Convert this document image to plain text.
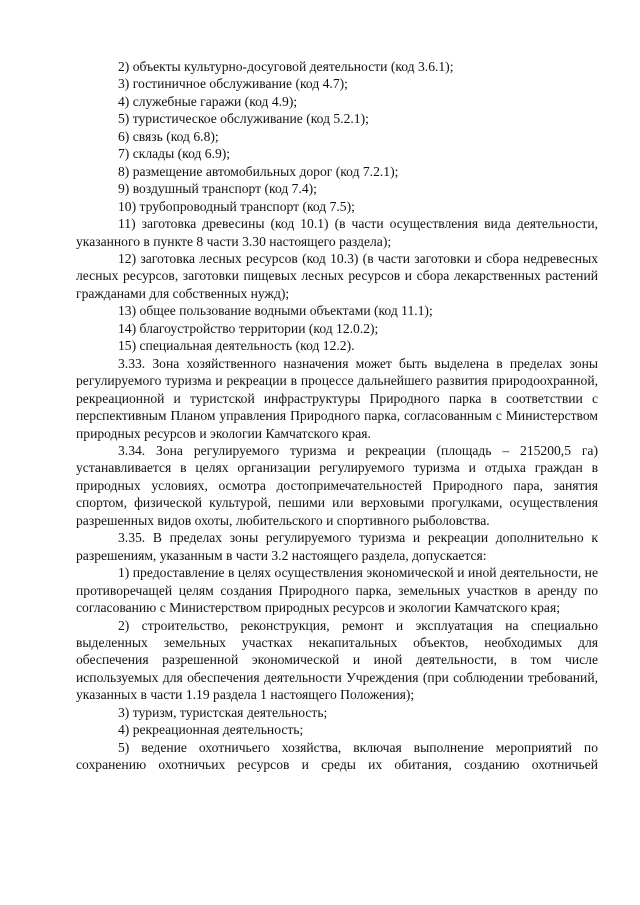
2) объекты культурно-досуговой деятельности (код 3.6.1);

3) гостиничное обслуживание (код 4.7);

4) служебные гаражи (код 4.9);

5) туристическое обслуживание (код 5.2.1);

6) связь (код 6.8);

7) склады (код 6.9);

8) размещение автомобильных дорог (код 7.2.1);

9) воздушный транспорт (код 7.4);

10) трубопроводный транспорт (код 7.5);

11) заготовка древесины (код 10.1) (в части осуществления вида деятельности, указанного в пункте 8 части 3.30 настоящего раздела);

12) заготовка лесных ресурсов (код 10.3) (в части заготовки и сбора недревесных лесных ресурсов, заготовки пищевых лесных ресурсов и сбора лекарственных растений гражданами для собственных нужд);

13) общее пользование водными объектами (код 11.1);

14) благоустройство территории (код 12.0.2);

15) специальная деятельность (код 12.2).

3.33. Зона хозяйственного назначения может быть выделена в пределах зоны регулируемого туризма и рекреации в процессе дальнейшего развития природоохранной, рекреационной и туристской инфраструктуры Природного парка в соответствии с перспективным Планом управления Природного парка, согласованным с Министерством природных ресурсов и экологии Камчатского края.

3.34. Зона регулируемого туризма и рекреации (площадь – 215200,5 га) устанавливается в целях организации регулируемого туризма и отдыха граждан в природных условиях, осмотра достопримечательностей Природного пара, занятия спортом, физической культурой, пешими или верховыми прогулками, осуществления разрешенных видов охоты, любительского и спортивного рыболовства.

3.35. В пределах зоны регулируемого туризма и рекреации дополнительно к разрешениям, указанным в части 3.2 настоящего раздела, допускается:

1) предоставление в целях осуществления экономической и иной деятельности, не противоречащей целям создания Природного парка, земельных участков в аренду по согласованию с Министерством природных ресурсов и экологии Камчатского края;

2) строительство, реконструкция, ремонт и эксплуатация на специально выделенных земельных участках некапитальных объектов, необходимых для обеспечения разрешенной экономической и иной деятельности, в том числе используемых для обеспечения деятельности Учреждения (при соблюдении требований, указанных в части 1.19 раздела 1 настоящего Положения);

3) туризм, туристская деятельность;

4) рекреационная деятельность;

5) ведение охотничьего хозяйства, включая выполнение мероприятий по сохранению охотничьих ресурсов и среды их обитания, созданию охотничьей
